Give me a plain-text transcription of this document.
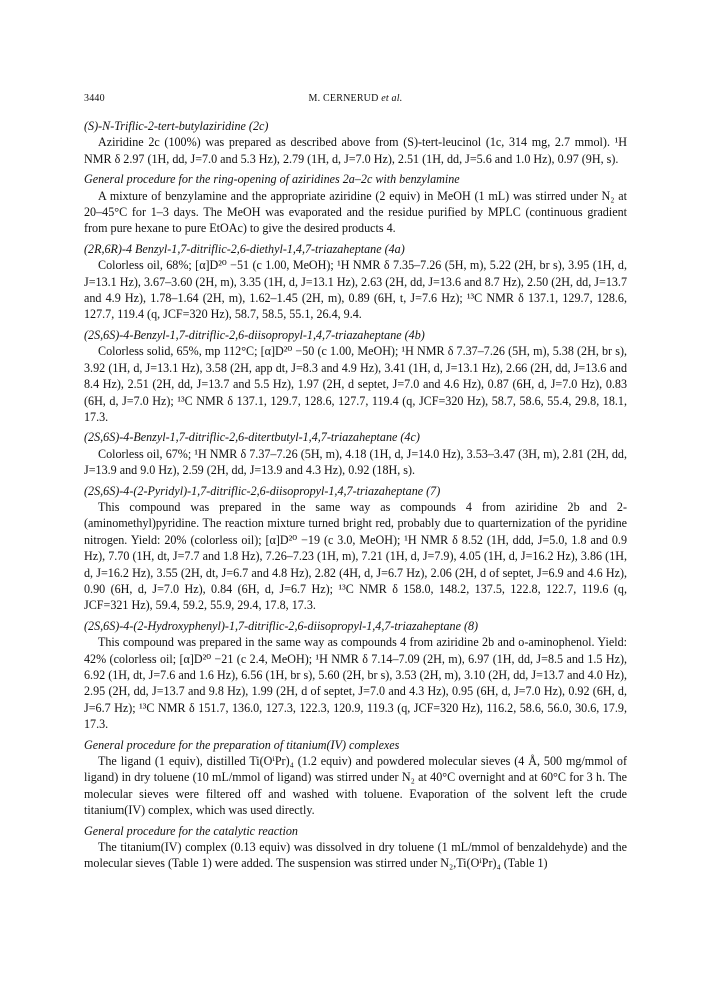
3440	M. CERNERUD et al.

(S)-N-Triflic-2-tert-butylaziridine (2c)

Aziridine 2c (100%) was prepared as described above from (S)-tert-leucinol (1c, 314 mg, 2.7 mmol). ¹H NMR δ 2.97 (1H, dd, J=7.0 and 5.3 Hz), 2.79 (1H, d, J=7.0 Hz), 2.51 (1H, dd, J=5.6 and 1.0 Hz), 0.97 (9H, s).

General procedure for the ring-opening of aziridines 2a–2c with benzylamine

A mixture of benzylamine and the appropriate aziridine (2 equiv) in MeOH (1 mL) was stirred under N₂ at 20–45°C for 1–3 days. The MeOH was evaporated and the residue purified by MPLC (continuous gradient from pure hexane to pure EtOAc) to give the desired products 4.

(2R,6R)-4 Benzyl-1,7-ditriflic-2,6-diethyl-1,4,7-triazaheptane (4a)

Colorless oil, 68%; [α]D²⁰ −51 (c 1.00, MeOH); ¹H NMR δ 7.35–7.26 (5H, m), 5.22 (2H, br s), 3.95 (1H, d, J=13.1 Hz), 3.67–3.60 (2H, m), 3.35 (1H, d, J=13.1 Hz), 2.63 (2H, dd, J=13.6 and 8.7 Hz), 2.50 (2H, dd, J=13.7 and 4.9 Hz), 1.78–1.64 (2H, m), 1.62–1.45 (2H, m), 0.89 (6H, t, J=7.6 Hz); ¹³C NMR δ 137.1, 129.7, 128.6, 127.7, 119.4 (q, JCF=320 Hz), 58.7, 58.5, 55.1, 26.4, 9.4.

(2S,6S)-4-Benzyl-1,7-ditriflic-2,6-diisopropyl-1,4,7-triazaheptane (4b)

Colorless solid, 65%, mp 112°C; [α]D²⁰ −50 (c 1.00, MeOH); ¹H NMR δ 7.37–7.26 (5H, m), 5.38 (2H, br s), 3.92 (1H, d, J=13.1 Hz), 3.58 (2H, app dt, J=8.3 and 4.9 Hz), 3.41 (1H, d, J=13.1 Hz), 2.66 (2H, dd, J=13.6 and 8.4 Hz), 2.51 (2H, dd, J=13.7 and 5.5 Hz), 1.97 (2H, d septet, J=7.0 and 4.6 Hz), 0.87 (6H, d, J=7.0 Hz), 0.83 (6H, d, J=7.0 Hz); ¹³C NMR δ 137.1, 129.7, 128.6, 127.7, 119.4 (q, JCF=320 Hz), 58.7, 58.6, 55.4, 29.8, 18.1, 17.3.

(2S,6S)-4-Benzyl-1,7-ditriflic-2,6-ditertbutyl-1,4,7-triazaheptane (4c)

Colorless oil, 67%; ¹H NMR δ 7.37–7.26 (5H, m), 4.18 (1H, d, J=14.0 Hz), 3.53–3.47 (3H, m), 2.81 (2H, dd, J=13.9 and 9.0 Hz), 2.59 (2H, dd, J=13.9 and 4.3 Hz), 0.92 (18H, s).

(2S,6S)-4-(2-Pyridyl)-1,7-ditriflic-2,6-diisopropyl-1,4,7-triazaheptane (7)

This compound was prepared in the same way as compounds 4 from aziridine 2b and 2-(aminomethyl)pyridine. The reaction mixture turned bright red, probably due to quarternization of the pyridine nitrogen. Yield: 20% (colorless oil); [α]D²⁰ −19 (c 3.0, MeOH); ¹H NMR δ 8.52 (1H, ddd, J=5.0, 1.8 and 0.9 Hz), 7.70 (1H, dt, J=7.7 and 1.8 Hz), 7.26–7.23 (1H, m), 7.21 (1H, d, J=7.9), 4.05 (1H, d, J=16.2 Hz), 3.86 (1H, d, J=16.2 Hz), 3.55 (2H, dt, J=6.7 and 4.8 Hz), 2.82 (4H, d, J=6.7 Hz), 2.06 (2H, d of septet, J=6.9 and 4.6 Hz), 0.90 (6H, d, J=7.0 Hz), 0.84 (6H, d, J=6.7 Hz); ¹³C NMR δ 158.0, 148.2, 137.5, 122.8, 122.7, 119.6 (q, JCF=321 Hz), 59.4, 59.2, 55.9, 29.4, 17.8, 17.3.

(2S,6S)-4-(2-Hydroxyphenyl)-1,7-ditriflic-2,6-diisopropyl-1,4,7-triazaheptane (8)

This compound was prepared in the same way as compounds 4 from aziridine 2b and o-aminophenol. Yield: 42% (colorless oil; [α]D²⁰ −21 (c 2.4, MeOH); ¹H NMR δ 7.14–7.09 (2H, m), 6.97 (1H, dd, J=8.5 and 1.5 Hz), 6.92 (1H, dt, J=7.6 and 1.6 Hz), 6.56 (1H, br s), 5.60 (2H, br s), 3.53 (2H, m), 3.10 (2H, dd, J=13.7 and 4.0 Hz), 2.95 (2H, dd, J=13.7 and 9.8 Hz), 1.99 (2H, d of septet, J=7.0 and 4.3 Hz), 0.95 (6H, d, J=7.0 Hz), 0.92 (6H, d, J=6.7 Hz); ¹³C NMR δ 151.7, 136.0, 127.3, 122.3, 120.9, 119.3 (q, JCF=320 Hz), 116.2, 58.6, 56.0, 30.6, 17.9, 17.3.

General procedure for the preparation of titanium(IV) complexes

The ligand (1 equiv), distilled Ti(OⁱPr)₄ (1.2 equiv) and powdered molecular sieves (4 Å, 500 mg/mmol of ligand) in dry toluene (10 mL/mmol of ligand) was stirred under N₂ at 40°C overnight and at 60°C for 3 h. The molecular sieves were filtered off and washed with toluene. Evaporation of the solvent left the crude titanium(IV) complex, which was used directly.

General procedure for the catalytic reaction

The titanium(IV) complex (0.13 equiv) was dissolved in dry toluene (1 mL/mmol of benzaldehyde) and the molecular sieves (Table 1) were added. The suspension was stirred under N₂,Ti(OⁱPr)₄ (Table 1)
